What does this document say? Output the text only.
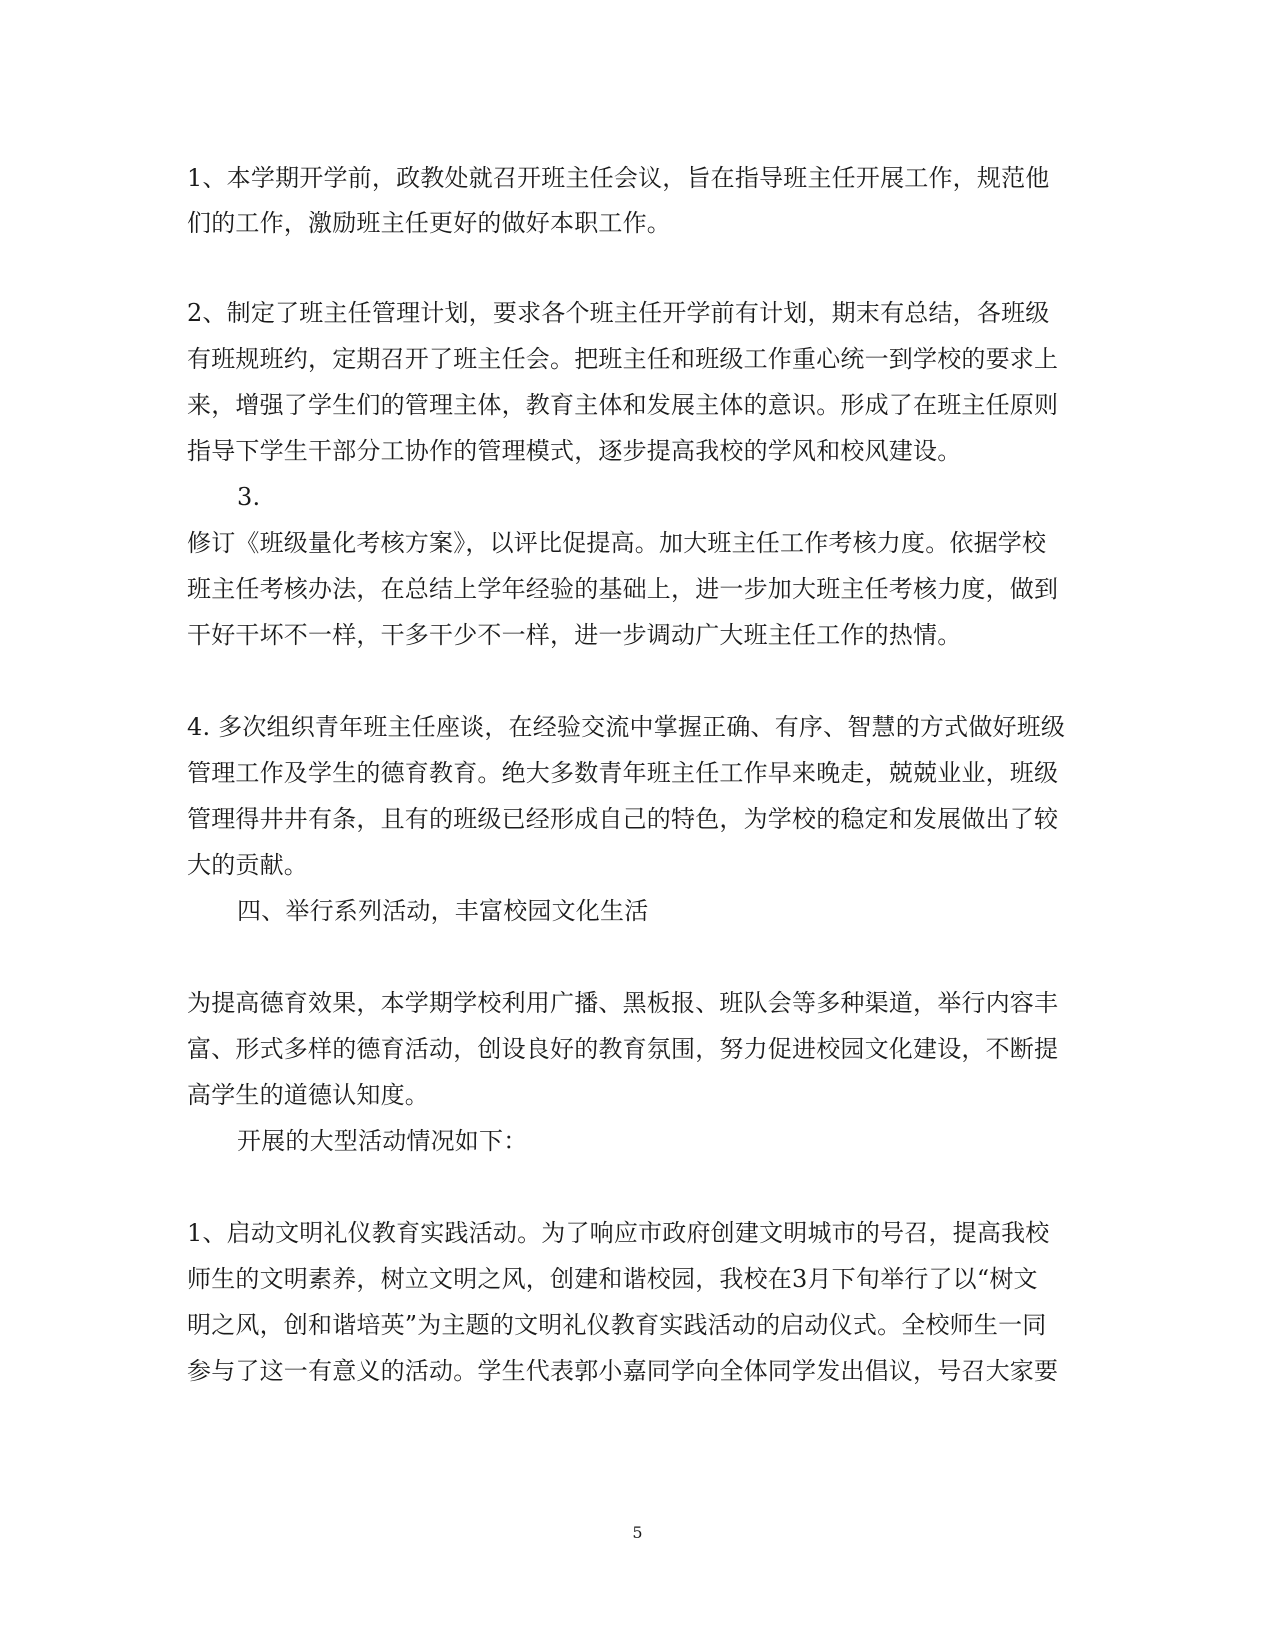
1、本学期开学前，政教处就召开班主任会议，旨在指导班主任开展工作，规范他
们的工作，激励班主任更好的做好本职工作。
2、制定了班主任管理计划，要求各个班主任开学前有计划，期末有总结，各班级
有班规班约，定期召开了班主任会。把班主任和班级工作重心统一到学校的要求上
来，增强了学生们的管理主体，教育主体和发展主体的意识。形成了在班主任原则
指导下学生干部分工协作的管理模式，逐步提高我校的学风和校风建设。
3.
修订《班级量化考核方案》，以评比促提高。加大班主任工作考核力度。依据学校
班主任考核办法，在总结上学年经验的基础上，进一步加大班主任考核力度，做到
干好干坏不一样，干多干少不一样，进一步调动广大班主任工作的热情。
4. 多次组织青年班主任座谈，在经验交流中掌握正确、有序、智慧的方式做好班级
管理工作及学生的德育教育。绝大多数青年班主任工作早来晚走，兢兢业业，班级
管理得井井有条，且有的班级已经形成自己的特色，为学校的稳定和发展做出了较
大的贡献。
四、举行系列活动，丰富校园文化生活
为提高德育效果，本学期学校利用广播、黑板报、班队会等多种渠道，举行内容丰
富、形式多样的德育活动，创设良好的教育氛围，努力促进校园文化建设，不断提
高学生的道德认知度。
开展的大型活动情况如下：
1、启动文明礼仪教育实践活动。为了响应市政府创建文明城市的号召，提高我校
师生的文明素养，树立文明之风，创建和谐校园，我校在3月下旬举行了以“树文
明之风，创和谐培英”为主题的文明礼仪教育实践活动的启动仪式。全校师生一同
参与了这一有意义的活动。学生代表郭小嘉同学向全体同学发出倡议，号召大家要
5
